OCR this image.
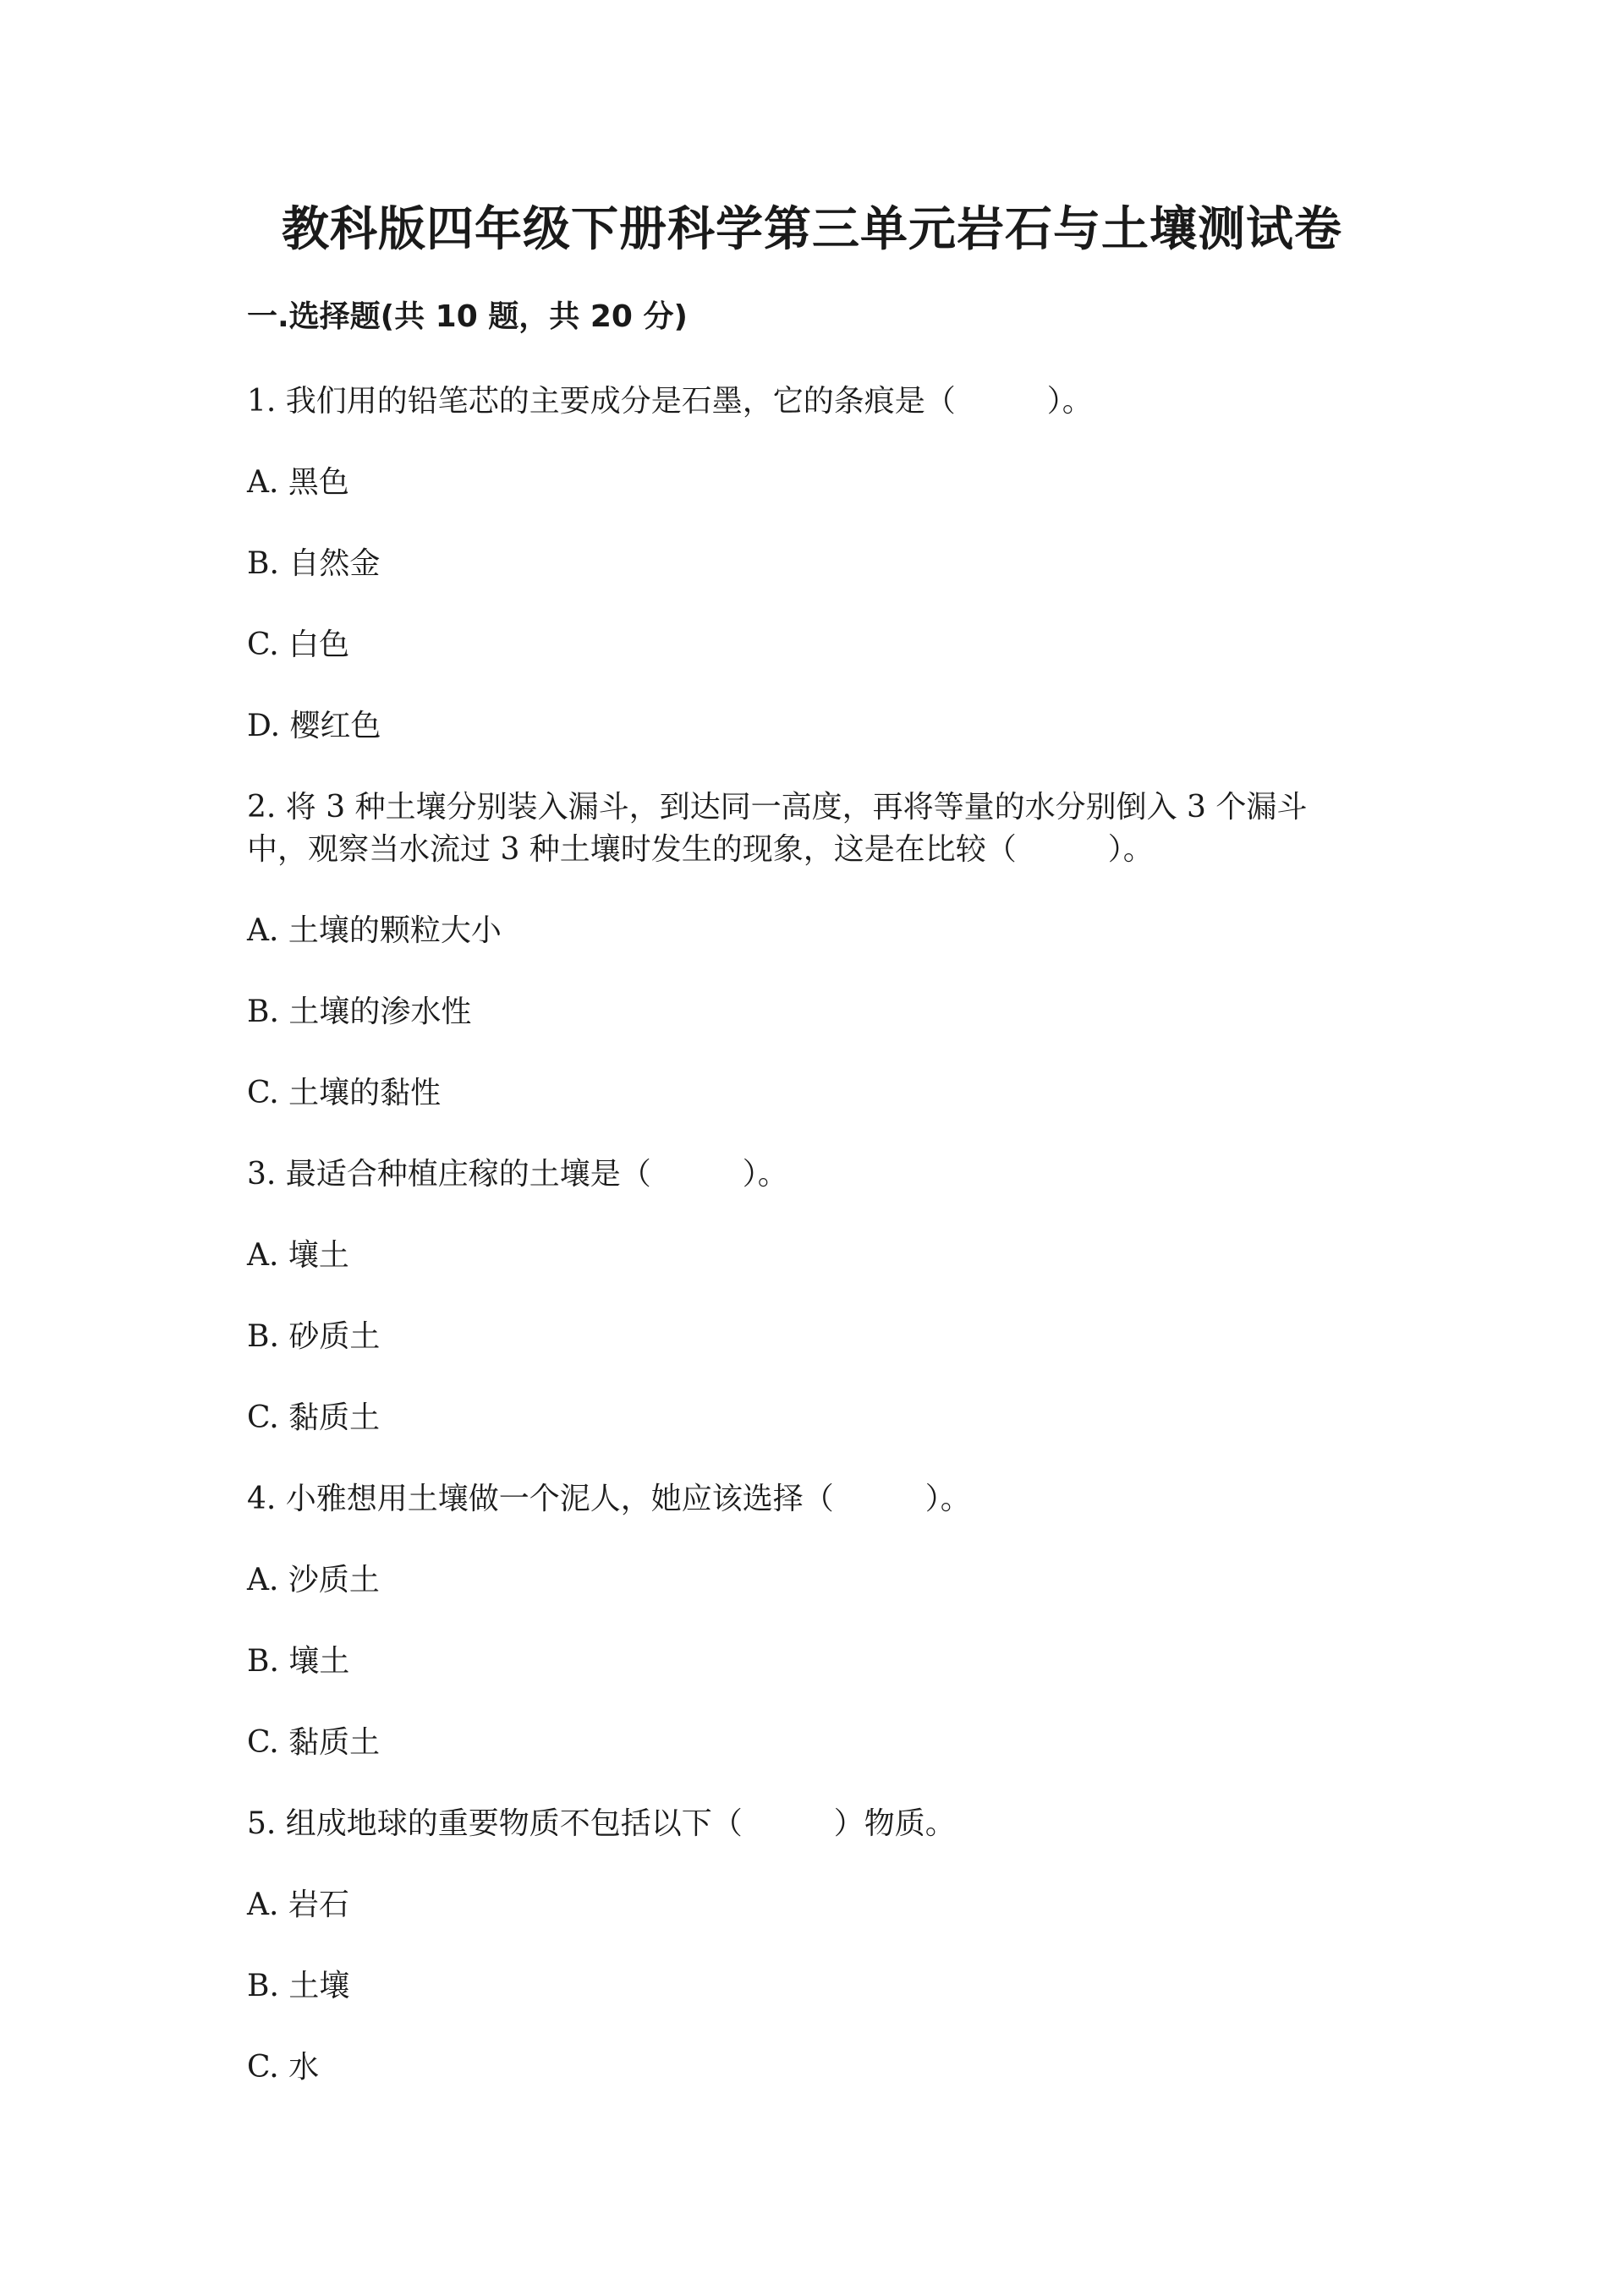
教科版四年级下册科学第三单元岩石与土壤测试卷
一.选择题(共 10 题，共 20 分)
1. 我们用的铅笔芯的主要成分是石墨，它的条痕是（　　　）。
A. 黑色
B. 自然金
C. 白色
D. 樱红色
2. 将 3 种土壤分别装入漏斗，到达同一高度，再将等量的水分别倒入 3 个漏斗
中，观察当水流过 3 种土壤时发生的现象，这是在比较（　　　）。
A. 土壤的颗粒大小
B. 土壤的渗水性
C. 土壤的黏性
3. 最适合种植庄稼的土壤是（　　　）。
A. 壤土
B. 砂质土
C. 黏质土
4. 小雅想用土壤做一个泥人，她应该选择（　　　）。
A. 沙质土
B. 壤土
C. 黏质土
5. 组成地球的重要物质不包括以下（　　　）物质。
A. 岩石
B. 土壤
C. 水
